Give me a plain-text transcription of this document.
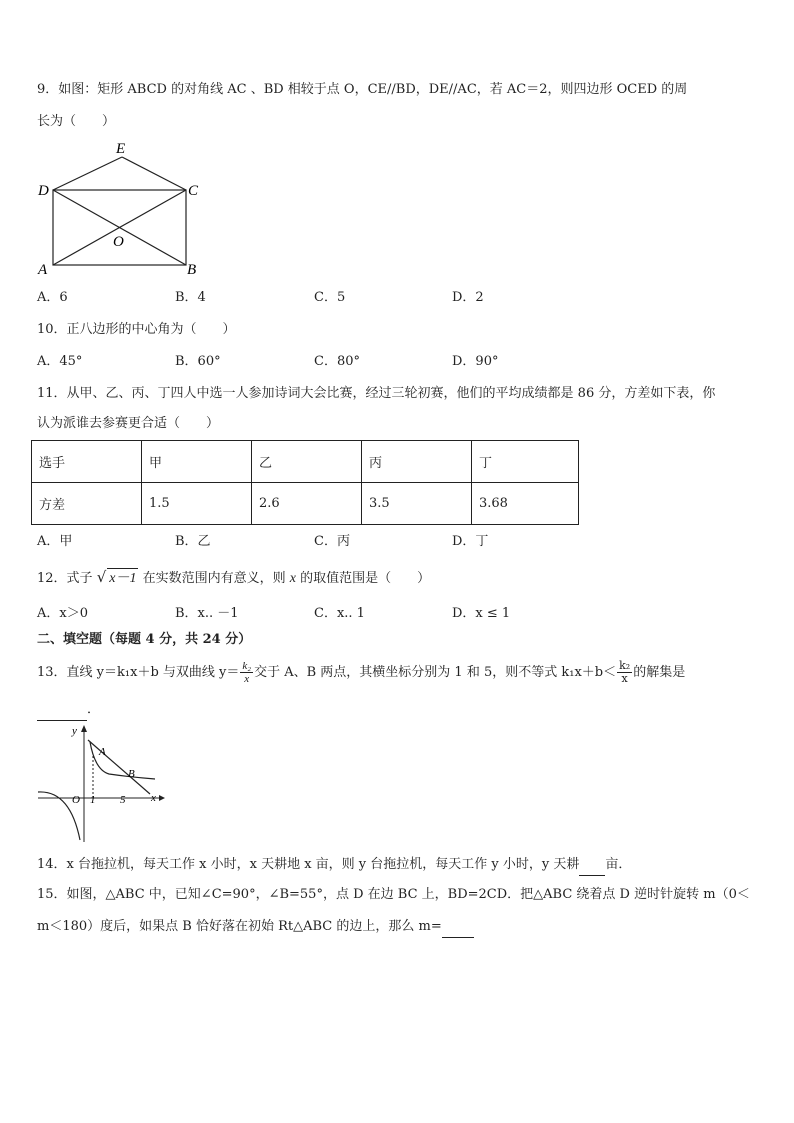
9．如图：矩形 ABCD 的对角线 AC 、BD 相较于点 O，CE//BD，DE//AC，若 AC＝2，则四边形 OCED 的周
长为（　　）
E
D	C
O
A	B
A．6	B．4	C．5	D．2
10．正八边形的中心角为（　　）
A．45°	B．60°	C．80°	D．90°
11．从甲、乙、丙、丁四人中选一人参加诗词大会比赛，经过三轮初赛，他们的平均成绩都是 86 分，方差如下表，你
认为派谁去参赛更合适（　　）
选手	甲	乙	丙	丁
方差	1.5	2.6	3.5	3.68
A．甲	B．乙	C．丙	D．丁
12．式子 √ x－1 在实数范围内有意义，则 x 的取值范围是（　　）
A．x＞0	B．x.. －1	C．x.. 1	D．x ≤ 1
二、填空题（每题 4 分，共 24 分）
13．直线 y＝k₁x＋b 与双曲线 $y= \frac{\text{k₂}}{x}$ 交于 A、B 两点，其横坐标分别为 1 和 5，则不等式 $k_1x+b< \frac{\text{k₂}}{x}$ 的解集是
．
y
x
O
A
B
1 5
14．x 台拖拉机，每天工作 x 小时，x 天耕地 x 亩，则 y 台拖拉机，每天工作 y 小时，y 天耕 亩．
15．如图，△ABC 中，已知∠C=90°，∠B=55°，点 D 在边 BC 上，BD=2CD．把△ABC 绕着点 D 逆时针旋转 m（0＜
m＜180）度后，如果点 B 恰好落在初始 Rt△ABC 的边上，那么 m=
